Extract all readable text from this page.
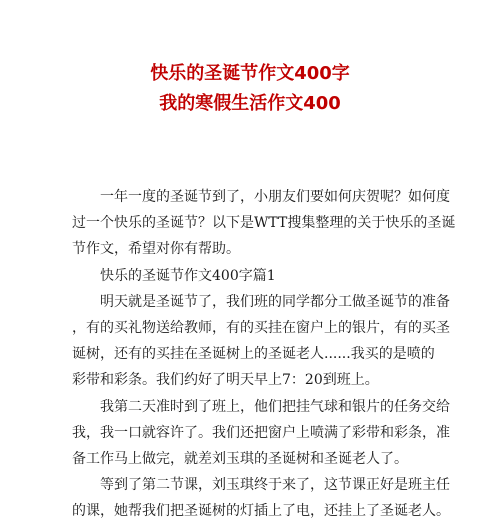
快乐的圣诞节作文400字
我的寒假生活作文400
一年一度的圣诞节到了，小朋友们要如何庆贺呢？如何度
过一个快乐的圣诞节？以下是WTT搜集整理的关于快乐的圣诞
节作文，希望对你有帮助。
快乐的圣诞节作文400字篇1
明天就是圣诞节了，我们班的同学都分工做圣诞节的准备
，有的买礼物送给教师，有的买挂在窗户上的银片，有的买圣
诞树，还有的买挂在圣诞树上的圣诞老人......我买的是喷的
彩带和彩条。我们约好了明天早上7：20到班上。
我第二天准时到了班上，他们把挂气球和银片的任务交给
我，我一口就容许了。我们还把窗户上喷满了彩带和彩条，准
备工作马上做完，就差刘玉琪的圣诞树和圣诞老人了。
等到了第二节课，刘玉琪终于来了，这节课正好是班主任
的课，她帮我们把圣诞树的灯插上了电，还挂上了圣诞老人。
